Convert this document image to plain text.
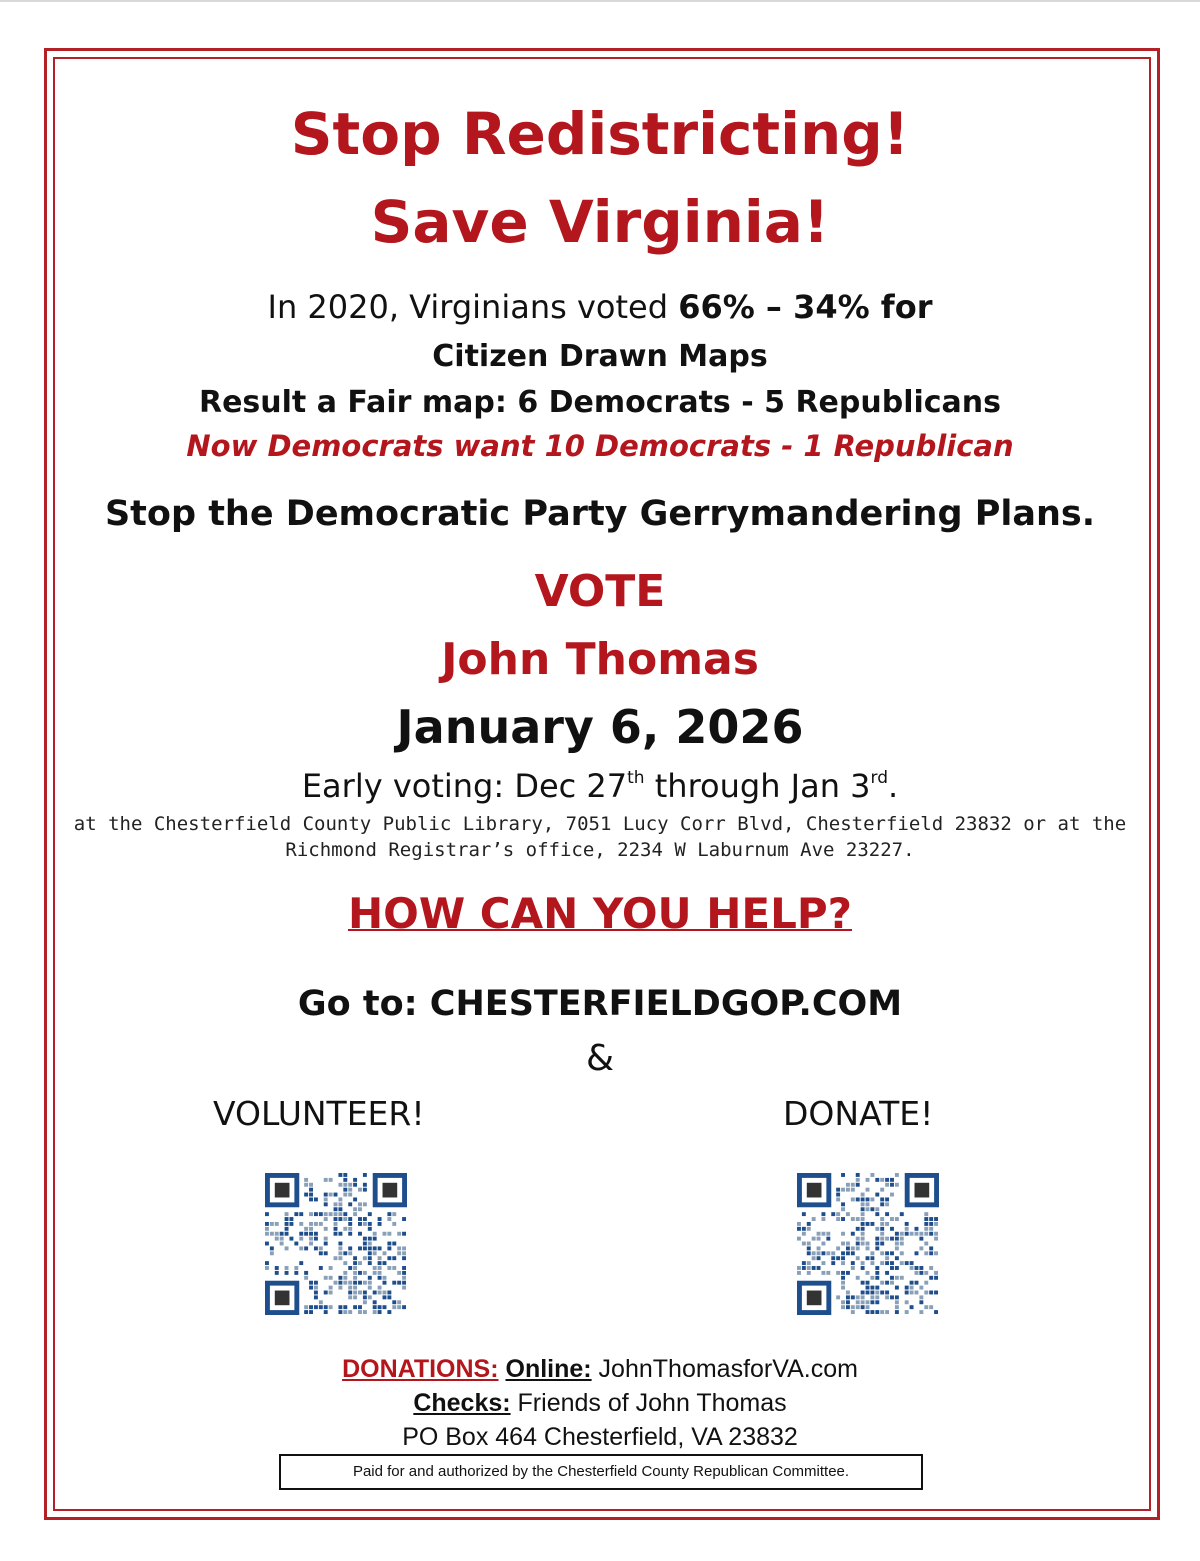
Stop Redistricting!
Save Virginia!
In 2020, Virginians voted 66% – 34% for
Citizen Drawn Maps
Result a Fair map: 6 Democrats - 5 Republicans
Now Democrats want 10 Democrats - 1 Republican
Stop the Democratic Party Gerrymandering Plans.
VOTE
John Thomas
January 6, 2026
Early voting: Dec 27th through Jan 3rd.
at the Chesterfield County Public Library, 7051 Lucy Corr Blvd, Chesterfield 23832 or at the
Richmond Registrar’s office, 2234 W Laburnum Ave 23227.
HOW CAN YOU HELP?
Go to: CHESTERFIELDGOP.COM
&
VOLUNTEER!	DONATE!
DONATIONS: Online: JohnThomasforVA.com
Checks: Friends of John Thomas
PO Box 464 Chesterfield, VA 23832
Paid for and authorized by the Chesterfield County Republican Committee.
